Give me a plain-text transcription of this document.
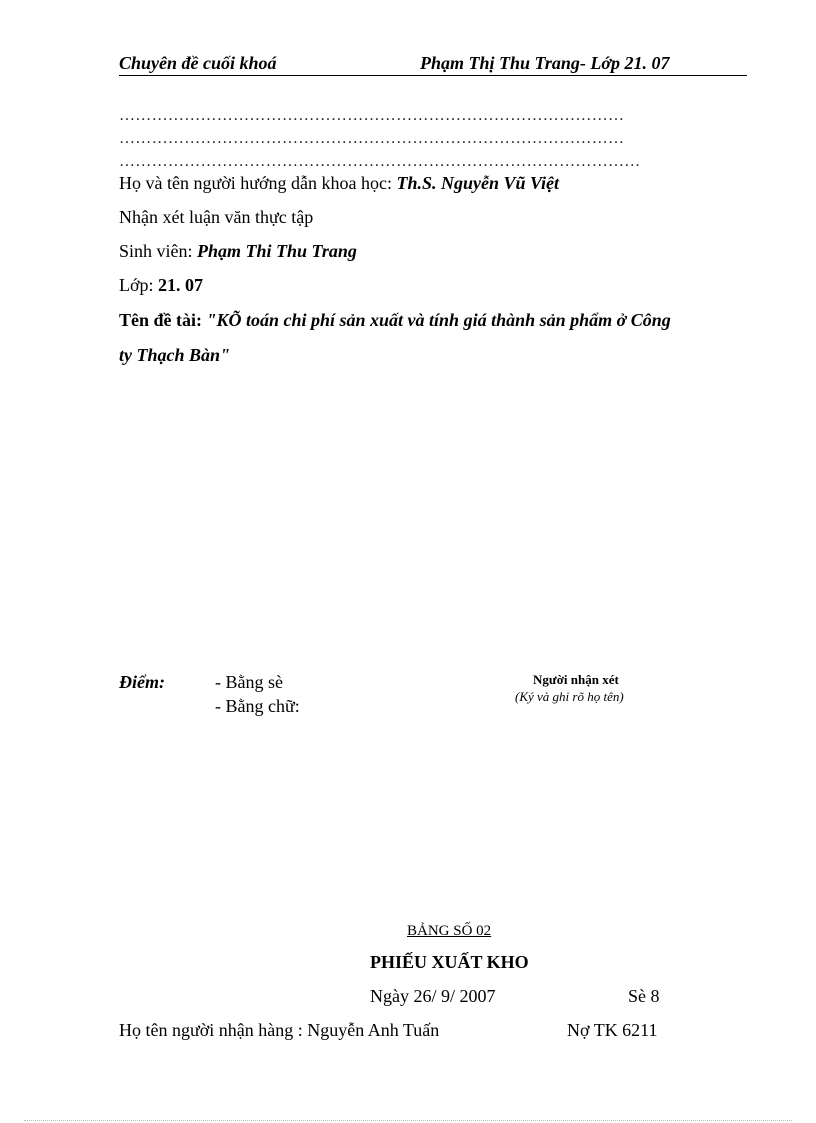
Chuyên đề cuối khoá	Phạm Thị Thu Trang- Lớp 21. 07
…………………………………………………………………………………
…………………………………………………………………………………
……………………………………………………………………………………
Họ và tên người hướng dẫn khoa học: Th.S. Nguyễn Vũ Việt
Nhận xét luận văn thực tập
Sinh viên: Phạm Thi Thu Trang
Lớp: 21. 07
Tên đề tài: "KÕ toán chi phí sản xuất và tính giá thành sản phẩm ở Công
ty Thạch Bàn"
Điểm:	- Bằng sè
- Bằng chữ:
Người nhận xét
(Ký và ghi rõ họ tên)
BẢNG SỐ 02
PHIẾU XUẤT KHO
Ngày 26/ 9/ 2007	Sè 8
Họ tên người nhận hàng : Nguyễn Anh Tuấn	Nợ TK 6211
